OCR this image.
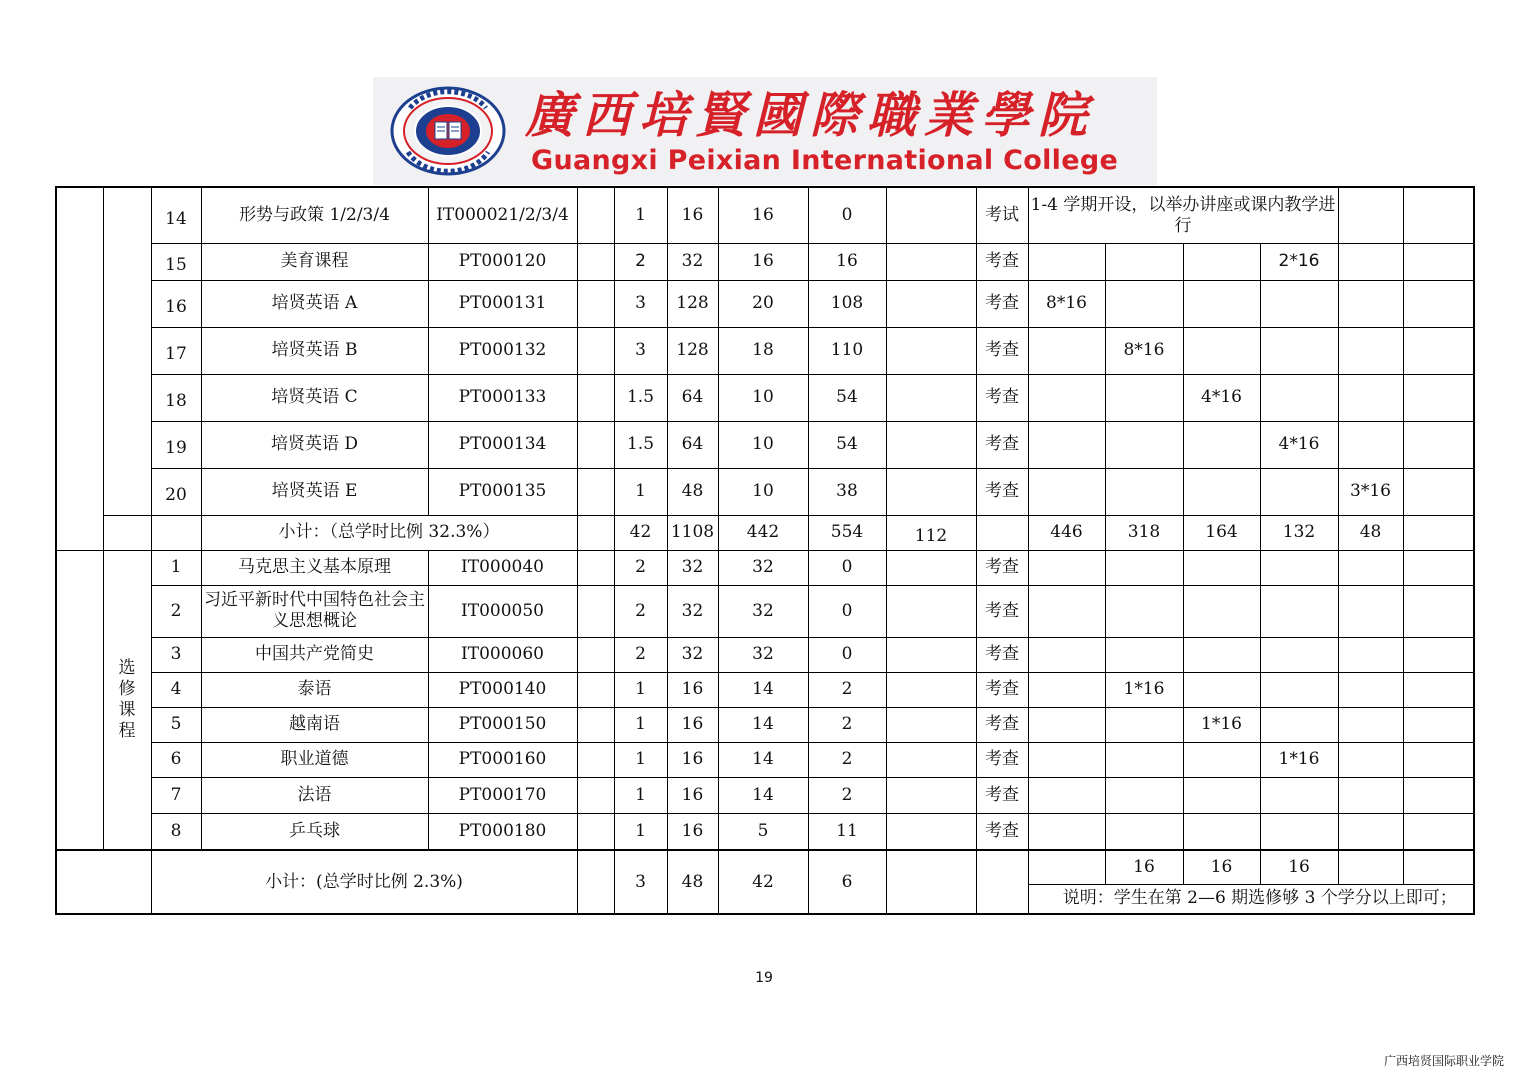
廣西培賢國際職業學院
Guangxi Peixian International College
		14	形势与政策 1/2/3/4	IT000021/2/3/4		1	16	16	0		考试	1-4 学期开设，以举办讲座或课内教学进行					
		15	美育课程	PT000120		2	32	16	16		考查				2*16		
		16	培贤英语 A	PT000131		3	128	20	108		考查	8*16					
		17	培贤英语 B	PT000132		3	128	18	110		考查		8*16				
		18	培贤英语 C	PT000133		1.5	64	10	54		考查			4*16			
		19	培贤英语 D	PT000134		1.5	64	10	54		考查				4*16		
		20	培贤英语 E	PT000135		1	48	10	38		考查					3*16	
			小计：（总学时比例 32.3%）			42	1108	442	554	112		446	318	164	132	48	
	选
修
课
程	1	马克思主义基本原理	IT000040		2	32	32	0		考查						
		2	习近平新时代中国特色社会主义思想概论	IT000050		2	32	32	0		考查						
		3	中国共产党简史	IT000060		2	32	32	0		考查						
		4	泰语	PT000140		1	16	14	2		考查		1*16				
		5	越南语	PT000150		1	16	14	2		考查			1*16			
		6	职业道德	PT000160		1	16	14	2		考查				1*16		
		7	法语	PT000170		1	16	14	2		考查						
		8	乒乓球	PT000180		1	16	5	11		考查						
		小计：(总学时比例 2.3%)				3	48	42	6				16	16	16		
												说明：学生在第 2—6 期选修够 3 个学分以上即可；					
19
广西培贤国际职业学院
